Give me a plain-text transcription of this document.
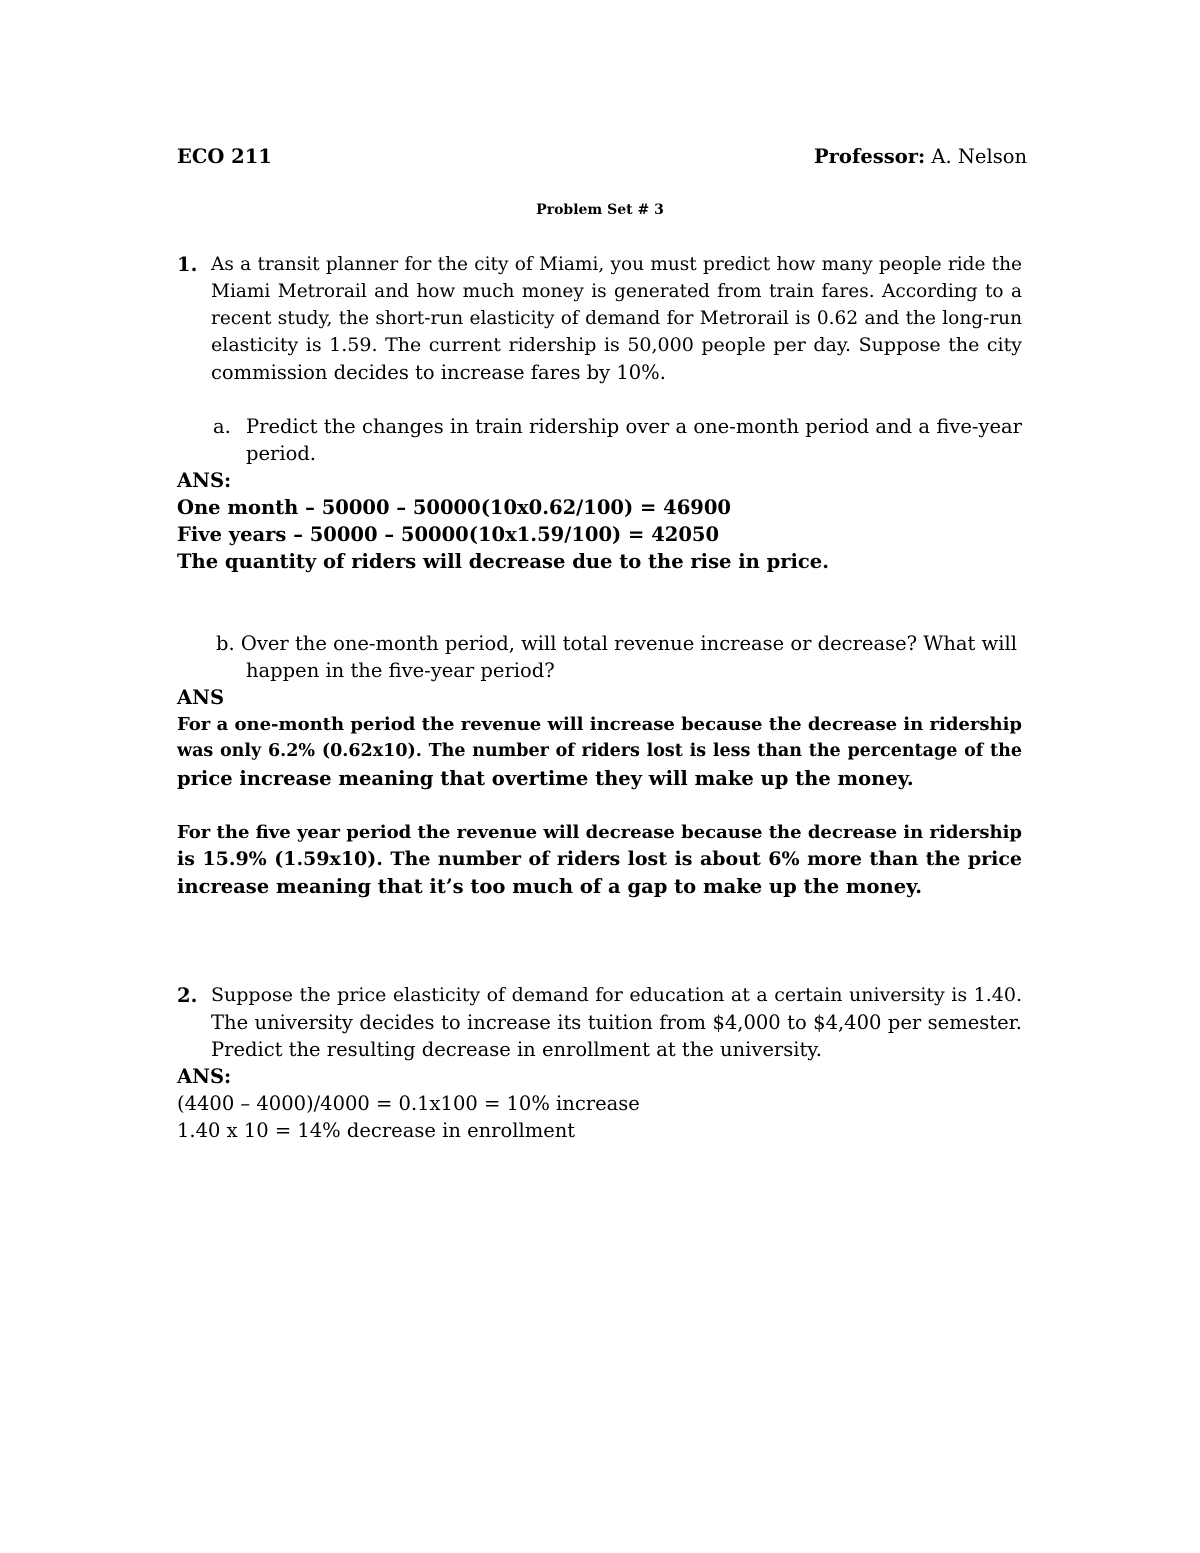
ECO 211	Professor: A. Nelson
Problem Set # 3
1. As a transit planner for the city of Miami, you must predict how many people ride the
Miami Metrorail and how much money is generated from train fares. According to a
recent study, the short-run elasticity of demand for Metrorail is 0.62 and the long-run
elasticity is 1.59. The current ridership is 50,000 people per day. Suppose the city
commission decides to increase fares by 10%.
a. Predict the changes in train ridership over a one-month period and a five-year
period.
ANS:
One month – 50000 – 50000(10x0.62/100) = 46900
Five years – 50000 – 50000(10x1.59/100) = 42050
The quantity of riders will decrease due to the rise in price.
b. Over the one-month period, will total revenue increase or decrease? What will
happen in the five-year period?
ANS
For a one-month period the revenue will increase because the decrease in ridership
was only 6.2% (0.62x10). The number of riders lost is less than the percentage of the
price increase meaning that overtime they will make up the money.
For the five year period the revenue will decrease because the decrease in ridership
is 15.9% (1.59x10). The number of riders lost is about 6% more than the price
increase meaning that it’s too much of a gap to make up the money.
2. Suppose the price elasticity of demand for education at a certain university is 1.40.
The university decides to increase its tuition from $4,000 to $4,400 per semester.
Predict the resulting decrease in enrollment at the university.
ANS:
(4400 – 4000)/4000 = 0.1x100 = 10% increase
1.40 x 10 = 14% decrease in enrollment
